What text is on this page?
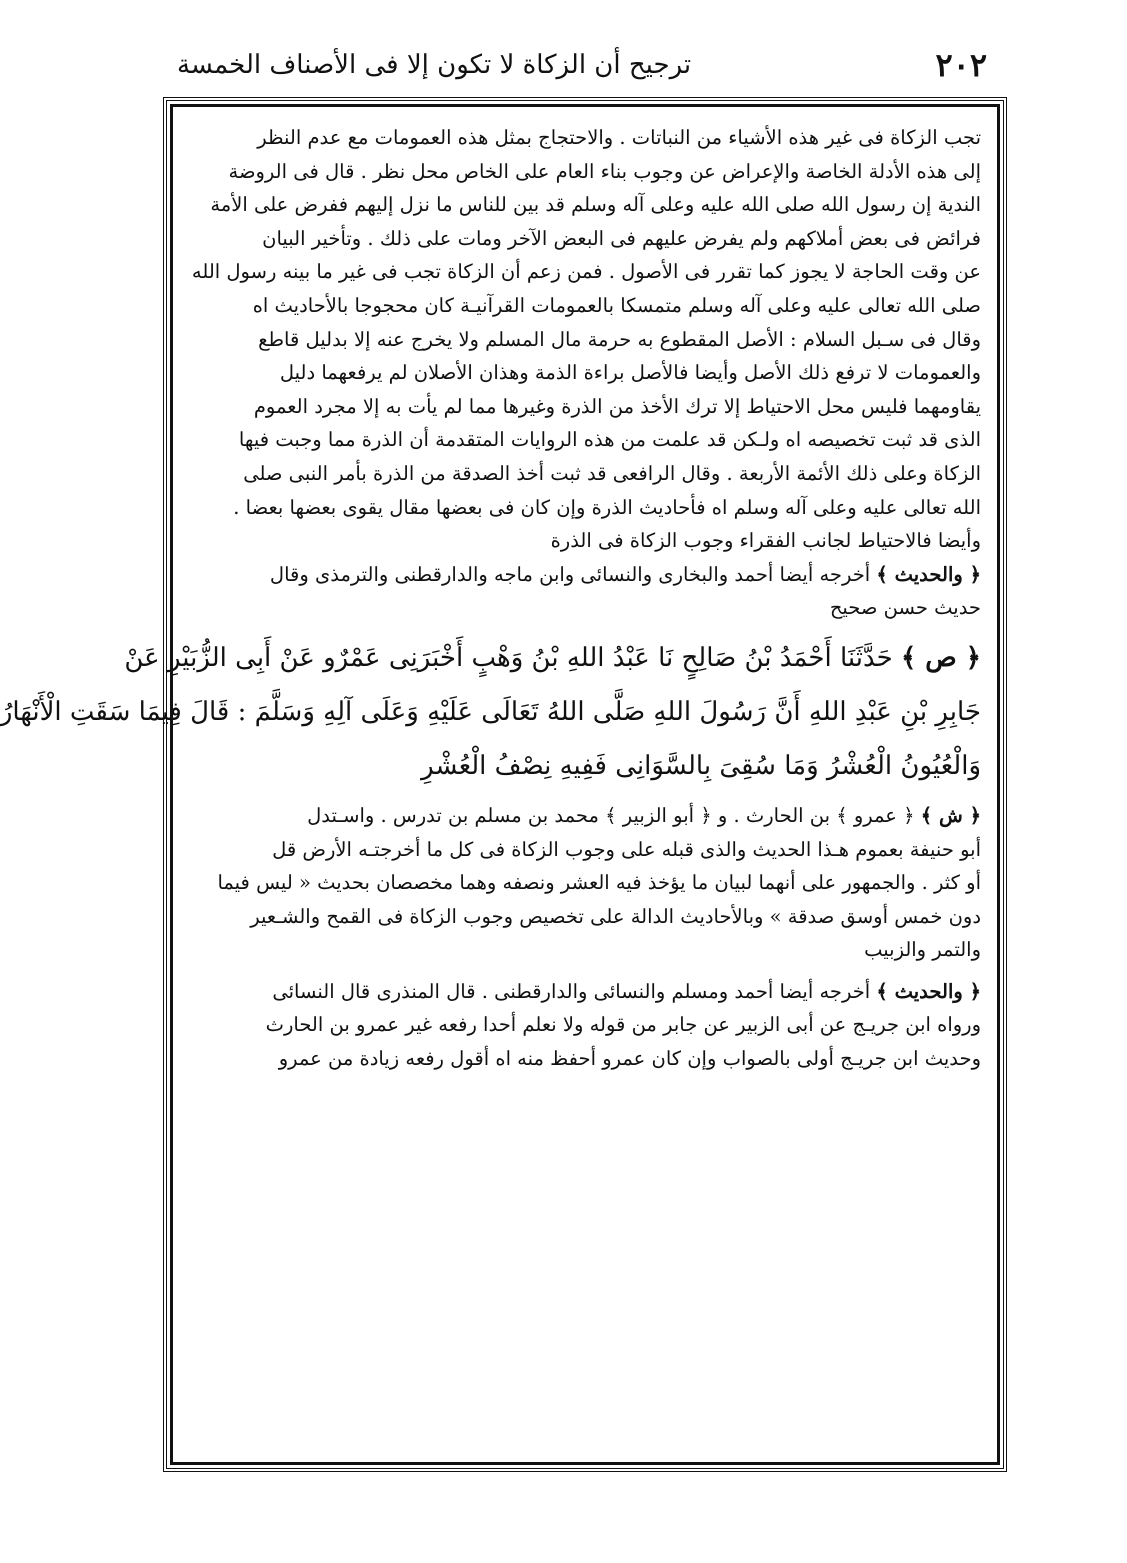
٢٠٢
ترجيح أن الزكاة لا تكون إلا فى الأصناف الخمسة
تجب الزكاة فى غير هذه الأشياء من النباتات . والاحتجاج بمثل هذه العمومات مع عدم النظر
إلى هذه الأدلة الخاصة والإعراض عن وجوب بناء العام على الخاص محل نظر . قال فى الروضة
الندية إن رسول الله صلى الله عليه وعلى آله وسلم قد بين للناس ما نزل إليهم ففرض على الأمة
فرائض فى بعض أملاكهم ولم يفرض عليهم فى البعض الآخر ومات على ذلك . وتأخير البيان
عن وقت الحاجة لا يجوز كما تقرر فى الأصول . فمن زعم أن الزكاة تجب فى غير ما بينه رسول الله
صلى الله تعالى عليه وعلى آله وسلم متمسكا بالعمومات القرآنيـة كان محجوجا بالأحاديث اه
وقال فى سـبل السلام : الأصل المقطوع به حرمة مال المسلم ولا يخرج عنه إلا بدليل قاطع
والعمومات لا ترفع ذلك الأصل وأيضا فالأصل براءة الذمة وهذان الأصلان لم يرفعهما دليل
يقاومهما فليس محل الاحتياط إلا ترك الأخذ من الذرة وغيرها مما لم يأت به إلا مجرد العموم
الذى قد ثبت تخصيصه اه ولـكن قد علمت من هذه الروايات المتقدمة أن الذرة مما وجبت فيها
الزكاة وعلى ذلك الأئمة الأربعة . وقال الرافعى قد ثبت أخذ الصدقة من الذرة بأمر النبى صلى
الله تعالى عليه وعلى آله وسلم اه فأحاديث الذرة وإن كان فى بعضها مقال يقوى بعضها بعضا .
وأيضا فالاحتياط لجانب الفقراء وجوب الزكاة فى الذرة
﴿ والحديث ﴾ أخرجه أيضا أحمد والبخارى والنسائى وابن ماجه والدارقطنى والترمذى وقال
حديث حسن صحيح
﴿ ص ﴾ حَدَّثَنَا أَحْمَدُ بْنُ صَالِحٍ نَا عَبْدُ اللهِ بْنُ وَهْبٍ أَخْبَرَنِى عَمْرٌو عَنْ أَبِى الزُّبَيْرِ عَنْ
جَابِرِ بْنِ عَبْدِ اللهِ أَنَّ رَسُولَ اللهِ صَلَّى اللهُ تَعَالَى عَلَيْهِ وَعَلَى آلِهِ وَسَلَّمَ : قَالَ فِيمَا سَقَتِ الْأَنْهَارُ
وَالْعُيُونُ الْعُشْرُ وَمَا سُقِىَ بِالسَّوَانِى فَفِيهِ نِصْفُ الْعُشْرِ
﴿ ش ﴾ ﴿ عمرو ﴾ بن الحارث . و ﴿ أبو الزبير ﴾ محمد بن مسلم بن تدرس . واسـتدل
أبو حنيفة بعموم هـذا الحديث والذى قبله على وجوب الزكاة فى كل ما أخرجتـه الأرض قل
أو كثر . والجمهور على أنهما لبيان ما يؤخذ فيه العشر ونصفه وهما مخصصان بحديث « ليس فيما
دون خمس أوسق صدقة » وبالأحاديث الدالة على تخصيص وجوب الزكاة فى القمح والشـعير
والتمر والزبيب
﴿ والحديث ﴾ أخرجه أيضا أحمد ومسلم والنسائى والدارقطنى . قال المنذرى قال النسائى
ورواه ابن جريـج عن أبى الزبير عن جابر من قوله ولا نعلم أحدا رفعه غير عمرو بن الحارث
وحديث ابن جريـج أولى بالصواب وإن كان عمرو أحفظ منه اه أقول رفعه زيادة من عمرو
